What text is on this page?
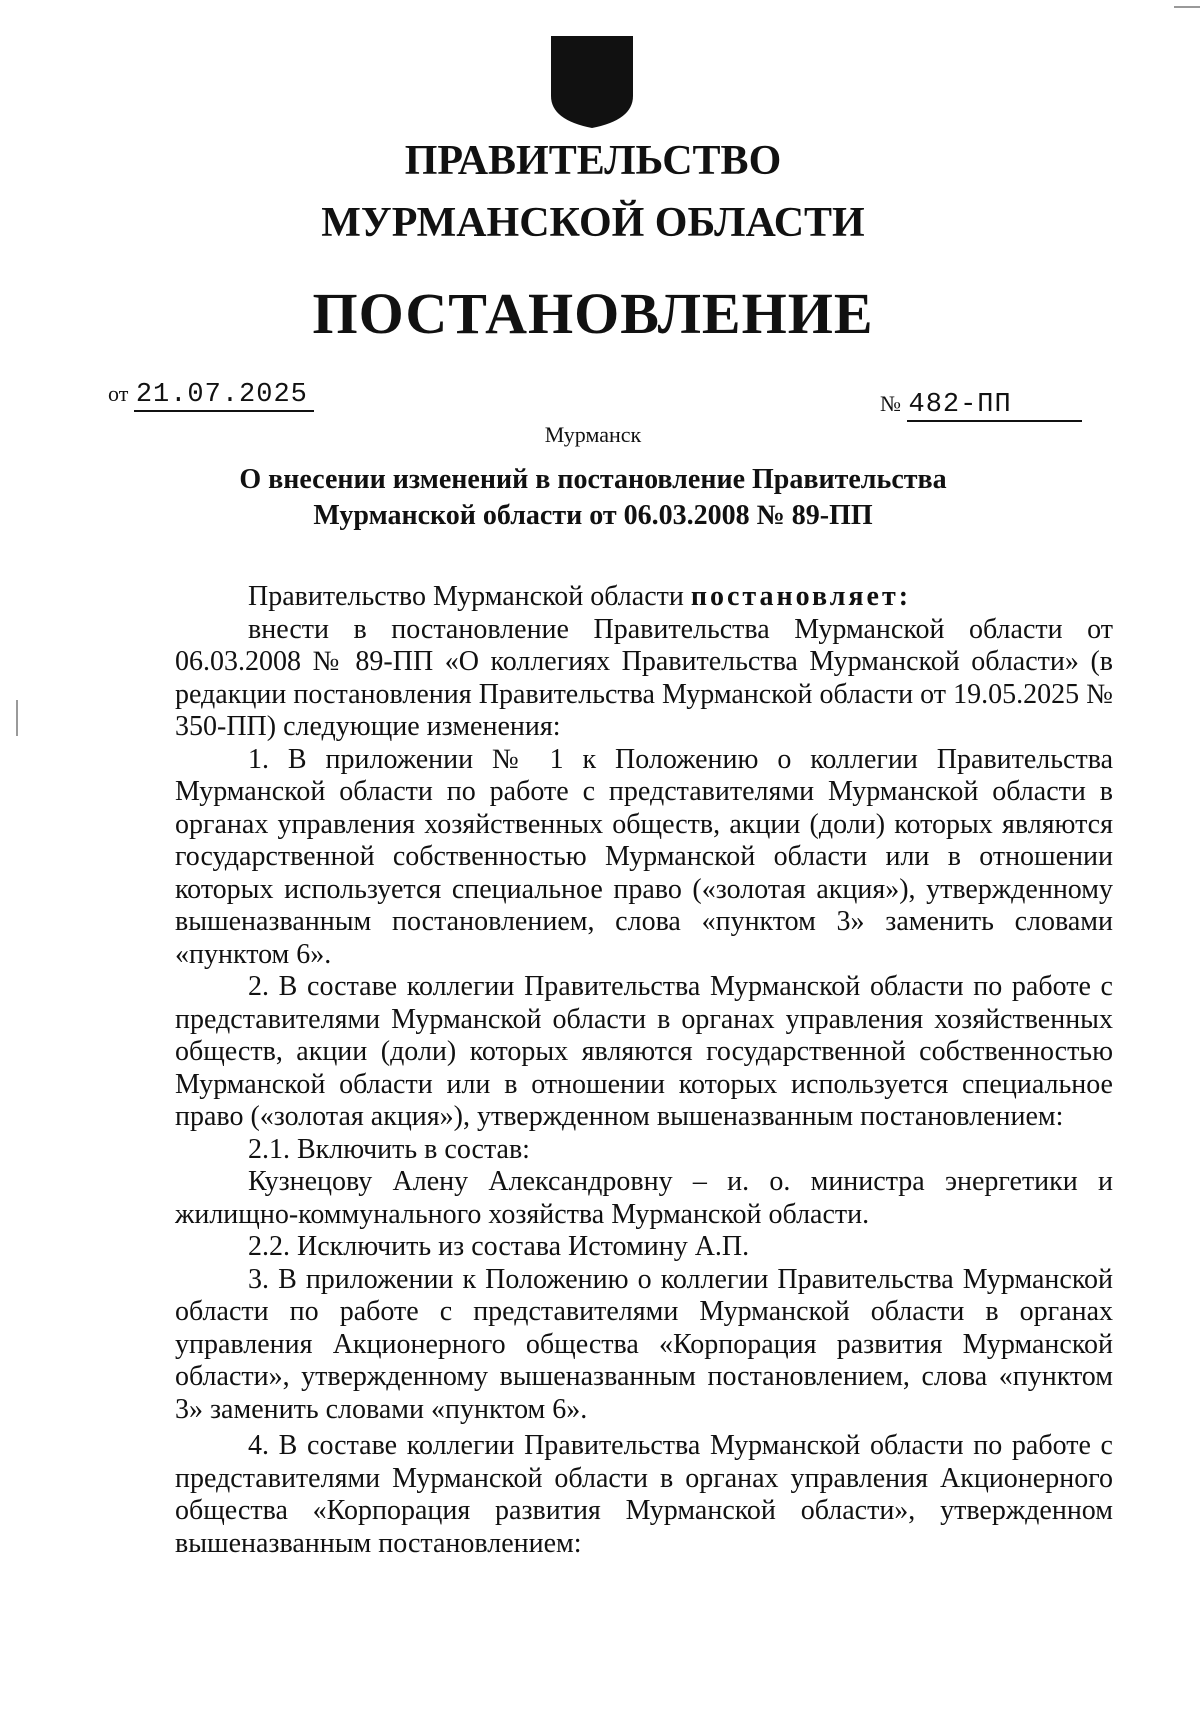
ПРАВИТЕЛЬСТВО
МУРМАНСКОЙ ОБЛАСТИ
ПОСТАНОВЛЕНИЕ
от 21.07.2025	№ 482-ПП
Мурманск
О внесении изменений в постановление Правительства
Мурманской области от 06.03.2008 № 89-ПП

Правительство Мурманской области постановляет:

внести в постановление Правительства Мурманской области от 06.03.2008 № 89-ПП «О коллегиях Правительства Мурманской области» (в редакции постановления Правительства Мурманской области от 19.05.2025 № 350-ПП) следующие изменения:

1. В приложении № 1 к Положению о коллегии Правительства Мурманской области по работе с представителями Мурманской области в органах управления хозяйственных обществ, акции (доли) которых являются государственной собственностью Мурманской области или в отношении которых используется специальное право («золотая акция»), утвержденному вышеназванным постановлением, слова «пунктом 3» заменить словами «пунктом 6».

2. В составе коллегии Правительства Мурманской области по работе с представителями Мурманской области в органах управления хозяйственных обществ, акции (доли) которых являются государственной собственностью Мурманской области или в отношении которых используется специальное право («золотая акция»), утвержденном вышеназванным постановлением:

2.1. Включить в состав:

Кузнецову Алену Александровну – и. о. министра энергетики и жилищно-коммунального хозяйства Мурманской области.

2.2. Исключить из состава Истомину А.П.

3. В приложении к Положению о коллегии Правительства Мурманской области по работе с представителями Мурманской области в органах управления Акционерного общества «Корпорация развития Мурманской области», утвержденному вышеназванным постановлением, слова «пунктом 3» заменить словами «пунктом 6».

4. В составе коллегии Правительства Мурманской области по работе с представителями Мурманской области в органах управления Акционерного общества «Корпорация развития Мурманской области», утвержденном вышеназванным постановлением:
